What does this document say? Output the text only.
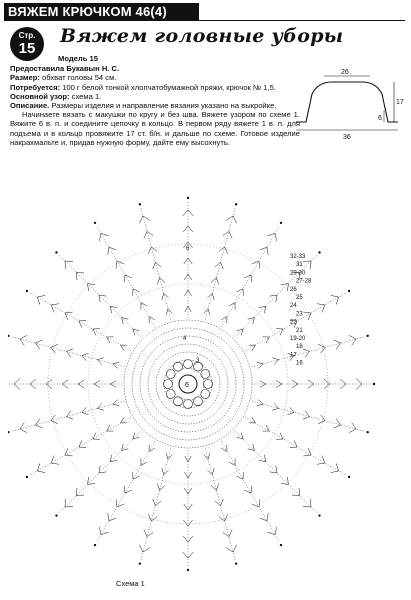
ВЯЖЕМ КРЮЧКОМ 46(4)
Стр.
15
Вяжем головные уборы
Модель 15

Предоставила Букавын Н. С.

Размер: обхват головы 54 см.

Потребуется: 100 г белой тонкой хлопчатобумажной пряжи, крючок № 1,5.

Основной узор: схема 1.

Описание. Размеры изделия и направление вязания указано на выкройке.

Начинаете вязать с макушки по кругу и без шва. Вяжете узором по схеме 1. Вяжите 6 в. п. и соедините цепочку в кольцо. В первом ряду вяжете 1 в. п. для подъема и в кольцо провяжите 17 ст. б/н. и дальше по схеме. Готовое изделие накрахмальте и, придав нужную форму, дайте ему высохнуть.

26
36
17
6
6
4
3
6
32-33
31
29-30
27-28
26
25
24
23
22
21
19-20
18
17
16
Схема 1
